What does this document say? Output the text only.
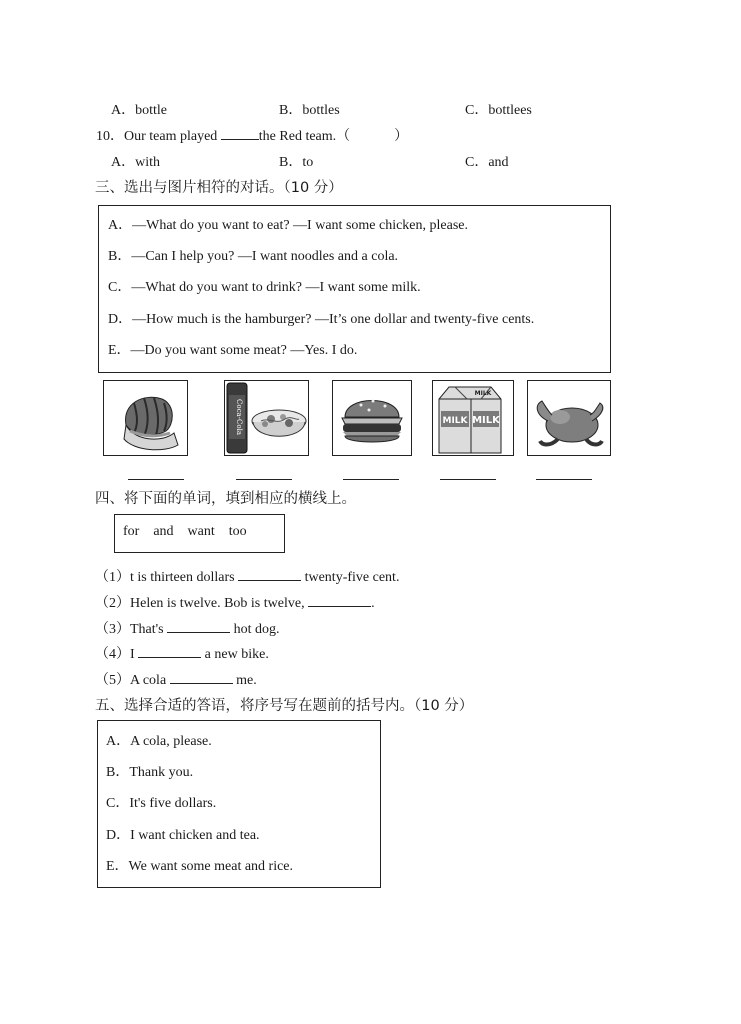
A．bottle	B．bottles	C．bottlees
10．Our team played	the Red team.（	）
A．with	B．to	C．and
三、选出与图片相符的对话。（10 分）
A．—What do you want to eat? —I want some chicken, please.
B．—Can I help you? —I want noodles and a cola.
C．—What do you want to drink? —I want some milk.
D．—How much is the hamburger? —It’s one dollar and twenty-five cents.
E．—Do you want some meat? —Yes. I do.
Coca-Cola	MILK MILK
MILK
四、将下面的单词，填到相应的横线上。
for    and    want    too
（1）t is thirteen dollars	twenty-five cent.
（2）Helen is twelve. Bob is twelve,	.
（3）That's	hot dog.
（4）I	a new bike.
（5）A cola	me.
五、选择合适的答语，将序号写在题前的括号内。（10 分）
A．A cola, please.
B．Thank you.
C．It's five dollars.
D．I want chicken and tea.
E．We want some meat and rice.
